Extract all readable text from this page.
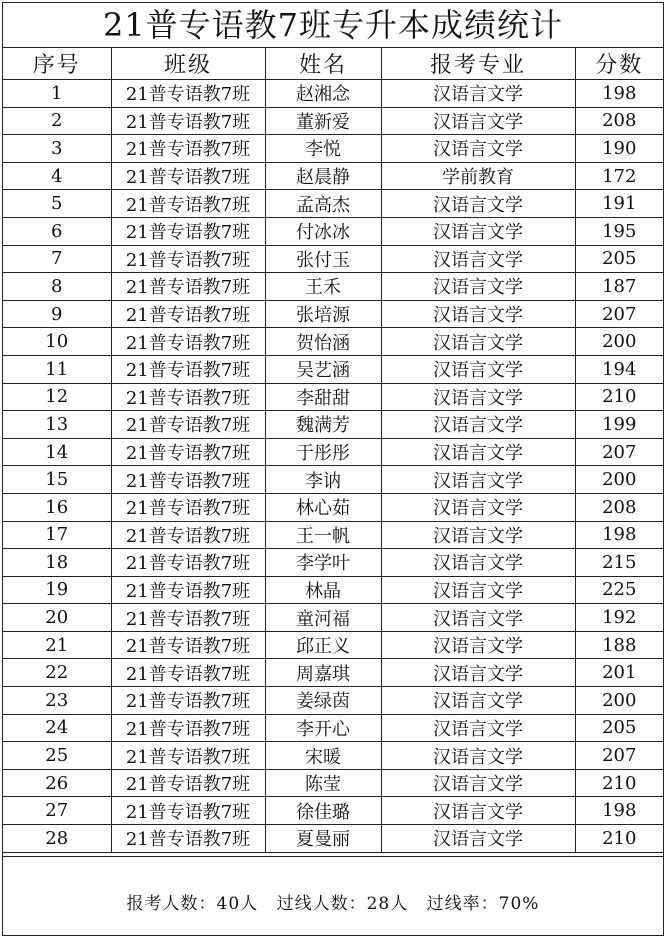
21普专语教7班专升本成绩统计
序号	班级	姓名	报考专业	分数
1	21普专语教7班	赵湘念	汉语言文学	198
2	21普专语教7班	董新爱	汉语言文学	208
3	21普专语教7班	李悦	汉语言文学	190
4	21普专语教7班	赵晨静	学前教育	172
5	21普专语教7班	孟高杰	汉语言文学	191
6	21普专语教7班	付冰冰	汉语言文学	195
7	21普专语教7班	张付玉	汉语言文学	205
8	21普专语教7班	王禾	汉语言文学	187
9	21普专语教7班	张培源	汉语言文学	207
10	21普专语教7班	贺怡涵	汉语言文学	200
11	21普专语教7班	吴艺涵	汉语言文学	194
12	21普专语教7班	李甜甜	汉语言文学	210
13	21普专语教7班	魏满芳	汉语言文学	199
14	21普专语教7班	于彤彤	汉语言文学	207
15	21普专语教7班	李讷	汉语言文学	200
16	21普专语教7班	林心茹	汉语言文学	208
17	21普专语教7班	王一帆	汉语言文学	198
18	21普专语教7班	李学叶	汉语言文学	215
19	21普专语教7班	林晶	汉语言文学	225
20	21普专语教7班	童河福	汉语言文学	192
21	21普专语教7班	邱正义	汉语言文学	188
22	21普专语教7班	周嘉琪	汉语言文学	201
23	21普专语教7班	姜绿茵	汉语言文学	200
24	21普专语教7班	李开心	汉语言文学	205
25	21普专语教7班	宋暖	汉语言文学	207
26	21普专语教7班	陈莹	汉语言文学	210
27	21普专语教7班	徐佳璐	汉语言文学	198
28	21普专语教7班	夏曼丽	汉语言文学	210
报考人数：40人 过线人数：28人 过线率：70%
